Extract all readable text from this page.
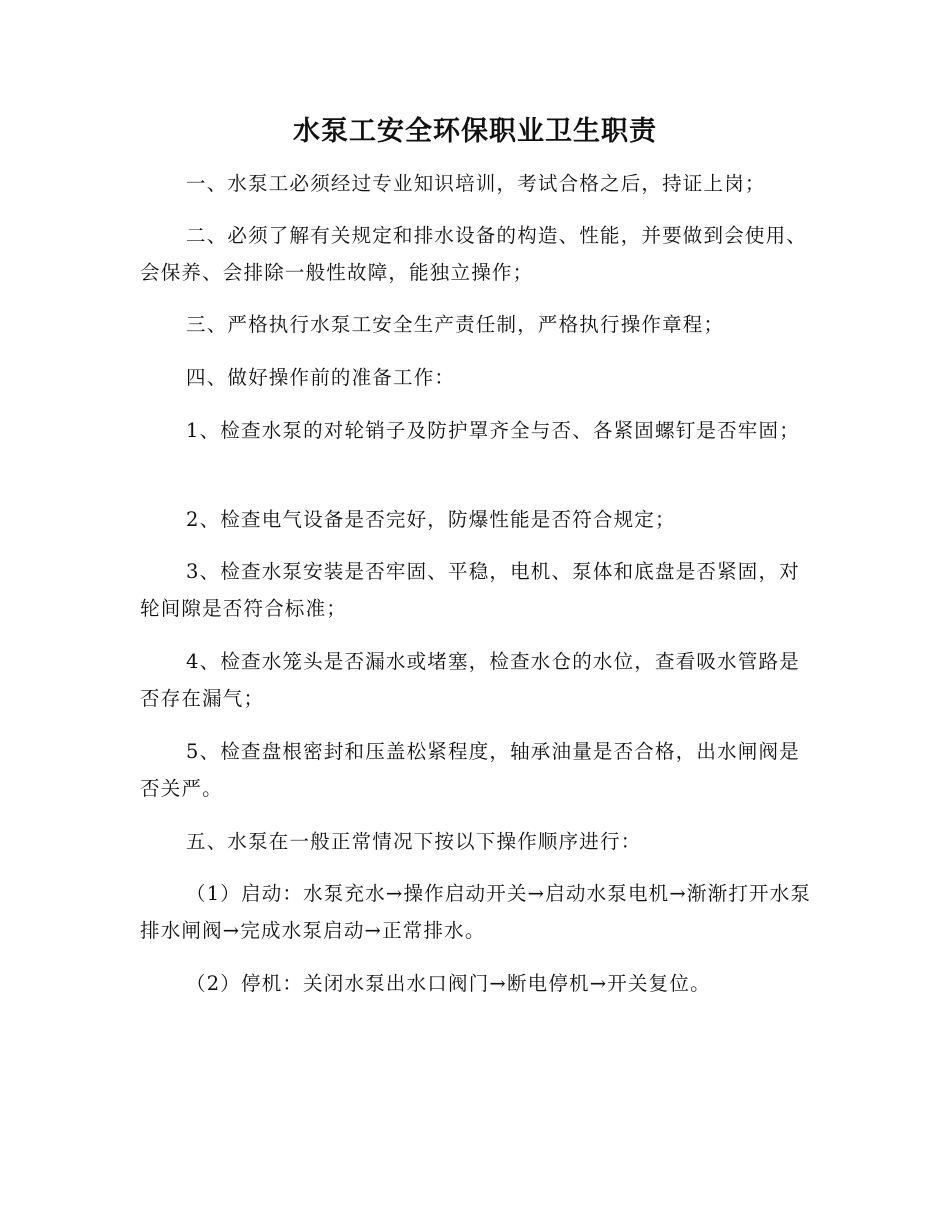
水泵工安全环保职业卫生职责

一、水泵工必须经过专业知识培训，考试合格之后，持证上岗；

二、必须了解有关规定和排水设备的构造、性能，并要做到会使用、会保养、会排除一般性故障，能独立操作；

三、严格执行水泵工安全生产责任制，严格执行操作章程；

四、做好操作前的准备工作：

1、检查水泵的对轮销子及防护罩齐全与否、各紧固螺钉是否牢固；

2、检查电气设备是否完好，防爆性能是否符合规定；

3、检查水泵安装是否牢固、平稳，电机、泵体和底盘是否紧固，对轮间隙是否符合标准；

4、检查水笼头是否漏水或堵塞，检查水仓的水位，查看吸水管路是否存在漏气；

5、检查盘根密封和压盖松紧程度，轴承油量是否合格，出水闸阀是否关严。

五、水泵在一般正常情况下按以下操作顺序进行：

（1）启动：水泵充水→操作启动开关→启动水泵电机→渐渐打开水泵排水闸阀→完成水泵启动→正常排水。

（2）停机：关闭水泵出水口阀门→断电停机→开关复位。
